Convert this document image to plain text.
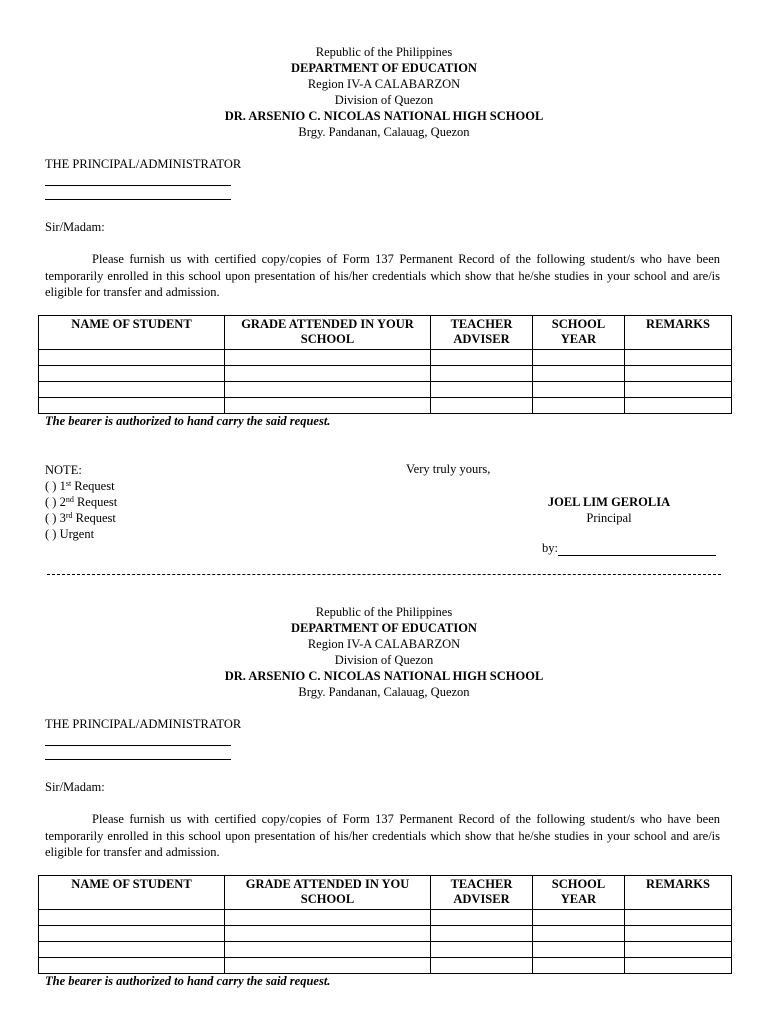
Republic of the Philippines
DEPARTMENT OF EDUCATION
Region IV-A CALABARZON
Division of Quezon
DR. ARSENIO C. NICOLAS NATIONAL HIGH SCHOOL
Brgy. Pandanan, Calauag, Quezon
THE PRINCIPAL/ADMINISTRATOR
Sir/Madam:
Please furnish us with certified copy/copies of Form 137 Permanent Record of the following student/s who have been temporarily enrolled in this school upon presentation of his/her credentials which show that he/she studies in your school and are/is eligible for transfer and admission.
NAME OF STUDENT	GRADE ATTENDED IN YOUR SCHOOL	TEACHER ADVISER	SCHOOL YEAR	REMARKS

The bearer is authorized to hand carry the said request.
NOTE:
( ) 1st Request
( ) 2nd Request
( ) 3rd Request
( ) Urgent
Very truly yours,
JOEL LIM GEROLIA
Principal
by:
Republic of the Philippines
DEPARTMENT OF EDUCATION
Region IV-A CALABARZON
Division of Quezon
DR. ARSENIO C. NICOLAS NATIONAL HIGH SCHOOL
Brgy. Pandanan, Calauag, Quezon
THE PRINCIPAL/ADMINISTRATOR
Sir/Madam:
Please furnish us with certified copy/copies of Form 137 Permanent Record of the following student/s who have been temporarily enrolled in this school upon presentation of his/her credentials which show that he/she studies in your school and are/is eligible for transfer and admission.
NAME OF STUDENT	GRADE ATTENDED IN YOU SCHOOL	TEACHER ADVISER	SCHOOL YEAR	REMARKS

The bearer is authorized to hand carry the said request.
